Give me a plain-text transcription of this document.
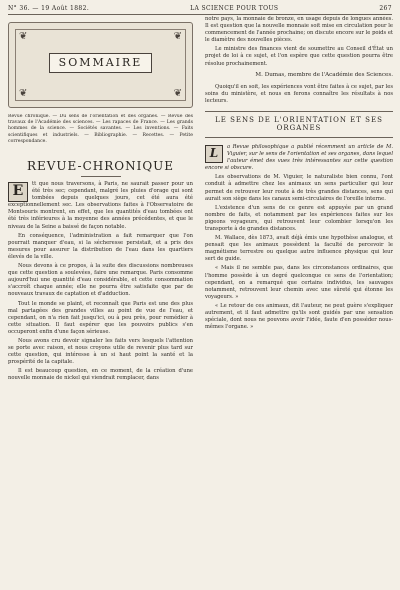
N° 36. — 19 Août 1882.	LA SCIENCE POUR TOUS	267
❦	❦
❦	❦
SOMMAIRE
Revue chronique. — Du sens de l'orientation et des organes. — Revue des travaux de l'Académie des sciences. — Les rapaces de France. — Les grands hommes de la science. — Sociétés savantes. — Les inventions. — Faits scientifiques et industriels. — Bibliographie. — Recettes. — Petite correspondance.
REVUE-CHRONIQUE
E	tt que nous traversons, à Paris, ne saurait passer pour un été très sec; cependant, malgré les pluies d'orage qui sont tombées depuis quelques jours, cet été aura été exceptionnellement sec. Les observations faites à l'Observatoire de Montsouris montrent, en effet, que les quantités d'eau tombées ont été très inférieures à la moyenne des années précédentes, et que le niveau de la Seine a baissé de façon notable.

En conséquence, l'administration a fait remarquer que l'on pourrait manquer d'eau, si la sécheresse persistait, et a pris des mesures pour assurer la distribution de l'eau dans les quartiers élevés de la ville.

Nous devons à ce propos, à la suite des discussions nombreuses que cette question a soulevées, faire une remarque. Paris consomme aujourd'hui une quantité d'eau considérable, et cette consommation s'accroît chaque année; elle ne pourra être satisfaite que par de nouveaux travaux de captation et d'adduction.

Tout le monde se plaint, et reconnaît que Paris est une des plus mal partagées des grandes villes au point de vue de l'eau, et cependant, on n'a rien fait jusqu'ici, ou à peu près, pour remédier à cette situation. Il faut espérer que les pouvoirs publics s'en occuperont enfin d'une façon sérieuse.

Nous avons cru devoir signaler les faits vers lesquels l'attention se porte avec raison, et nous croyons utile de revenir plus tard sur cette question, qui intéresse à un si haut point la santé et la prospérité de la capitale.

Il est beaucoup question, en ce moment, de la création d'une nouvelle monnaie de nickel qui viendrait remplacer, dans

notre pays, la monnaie de bronze, en usage depuis de longues années. Il est question que la nouvelle monnaie soit mise en circulation pour le commencement de l'année prochaine; on discute encore sur le poids et le diamètre des nouvelles pièces.

Le ministre des finances vient de soumettre au Conseil d'État un projet de loi à ce sujet, et l'on espère que cette question pourra être résolue prochainement.

M. Dumas, membre de l'Académie des Sciences.

Quoiqu'il en soit, les expériences vont être faites à ce sujet, par les soins du ministère, et nous en ferons connaître les résultats à nos lecteurs.

LE SENS DE L'ORIENTATION ET SES ORGANES
L	a Revue philosophique a publié récemment un article de M. Viguier, sur le sens de l'orientation et ses organes, dans lequel l'auteur émet des vues très intéressantes sur cette question encore si obscure.

Les observations de M. Viguier, le naturaliste bien connu, l'ont conduit à admettre chez les animaux un sens particulier qui leur permet de retrouver leur route à de très grandes distances, sens qui aurait son siège dans les canaux semi-circulaires de l'oreille interne.

L'existence d'un sens de ce genre est appuyée par un grand nombre de faits, et notamment par les expériences faites sur les pigeons voyageurs, qui retrouvent leur colombier lorsqu'on les transporte à de grandes distances.

M. Wallace, dès 1873, avait déjà émis une hypothèse analogue, et pensait que les animaux possèdent la faculté de percevoir le magnétisme terrestre ou quelque autre influence physique qui leur sert de guide.

« Mais il ne semble pas, dans les circonstances ordinaires, que l'homme possède à un degré quelconque ce sens de l'orientation; cependant, on a remarqué que certains individus, les sauvages notamment, retrouvent leur chemin avec une sûreté qui étonne les voyageurs. »

« Le retour de ces animaux, dit l'auteur, ne peut guère s'expliquer autrement, et il faut admettre qu'ils sont guidés par une sensation spéciale, dont nous ne pouvons avoir l'idée, faute d'en posséder nous-mêmes l'organe. »
